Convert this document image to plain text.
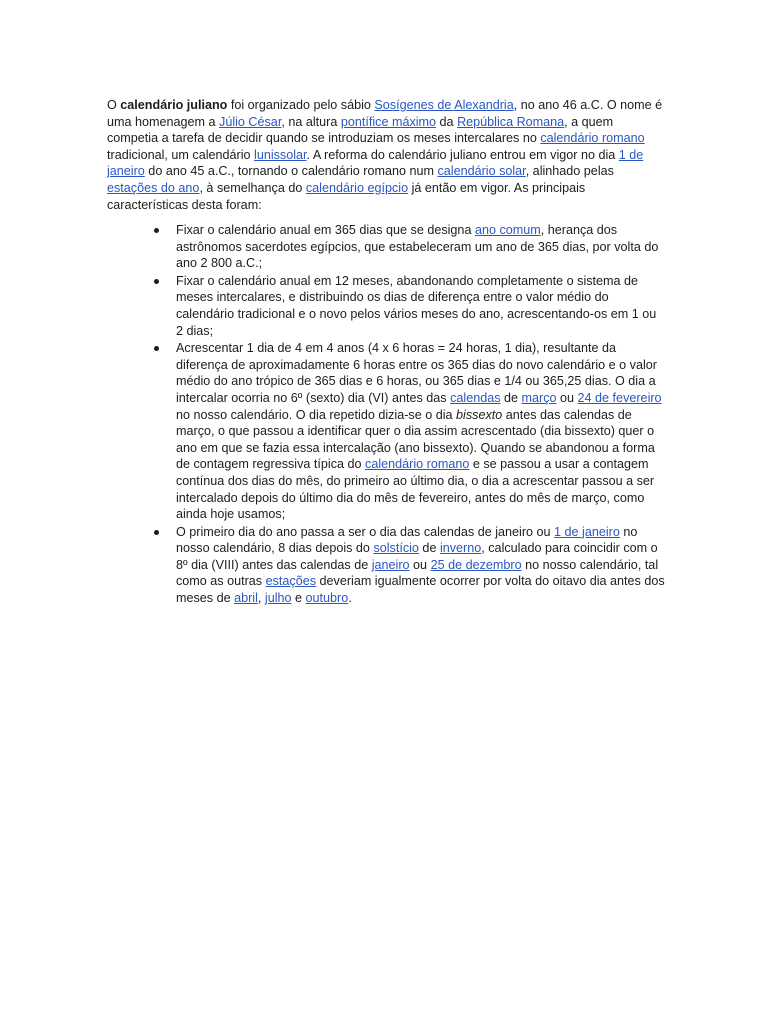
O calendário juliano foi organizado pelo sábio Sosígenes de Alexandria, no ano 46 a.C. O nome é uma homenagem a Júlio César, na altura pontífice máximo da República Romana, a quem competia a tarefa de decidir quando se introduziam os meses intercalares no calendário romano tradicional, um calendário lunissolar. A reforma do calendário juliano entrou em vigor no dia 1 de janeiro do ano 45 a.C., tornando o calendário romano num calendário solar, alinhado pelas estações do ano, à semelhança do calendário egípcio já então em vigor. As principais características desta foram:

Fixar o calendário anual em 365 dias que se designa ano comum, herança dos astrônomos sacerdotes egípcios, que estabeleceram um ano de 365 dias, por volta do ano 2 800 a.C.;
Fixar o calendário anual em 12 meses, abandonando completamente o sistema de meses intercalares, e distribuindo os dias de diferença entre o valor médio do calendário tradicional e o novo pelos vários meses do ano, acrescentando-os em 1 ou 2 dias;
Acrescentar 1 dia de 4 em 4 anos (4 x 6 horas = 24 horas, 1 dia), resultante da diferença de aproximadamente 6 horas entre os 365 dias do novo calendário e o valor médio do ano trópico de 365 dias e 6 horas, ou 365 dias e 1/4 ou 365,25 dias. O dia a intercalar ocorria no 6º (sexto) dia (VI) antes das calendas de março ou 24 de fevereiro no nosso calendário. O dia repetido dizia-se o dia bissexto antes das calendas de março, o que passou a identificar quer o dia assim acrescentado (dia bissexto) quer o ano em que se fazia essa intercalação (ano bissexto). Quando se abandonou a forma de contagem regressiva típica do calendário romano e se passou a usar a contagem contínua dos dias do mês, do primeiro ao último dia, o dia a acrescentar passou a ser intercalado depois do último dia do mês de fevereiro, antes do mês de março, como ainda hoje usamos;
O primeiro dia do ano passa a ser o dia das calendas de janeiro ou 1 de janeiro no nosso calendário, 8 dias depois do solstício de inverno, calculado para coincidir com o 8º dia (VIII) antes das calendas de janeiro ou 25 de dezembro no nosso calendário, tal como as outras estações deveriam igualmente ocorrer por volta do oitavo dia antes dos meses de abril, julho e outubro.
